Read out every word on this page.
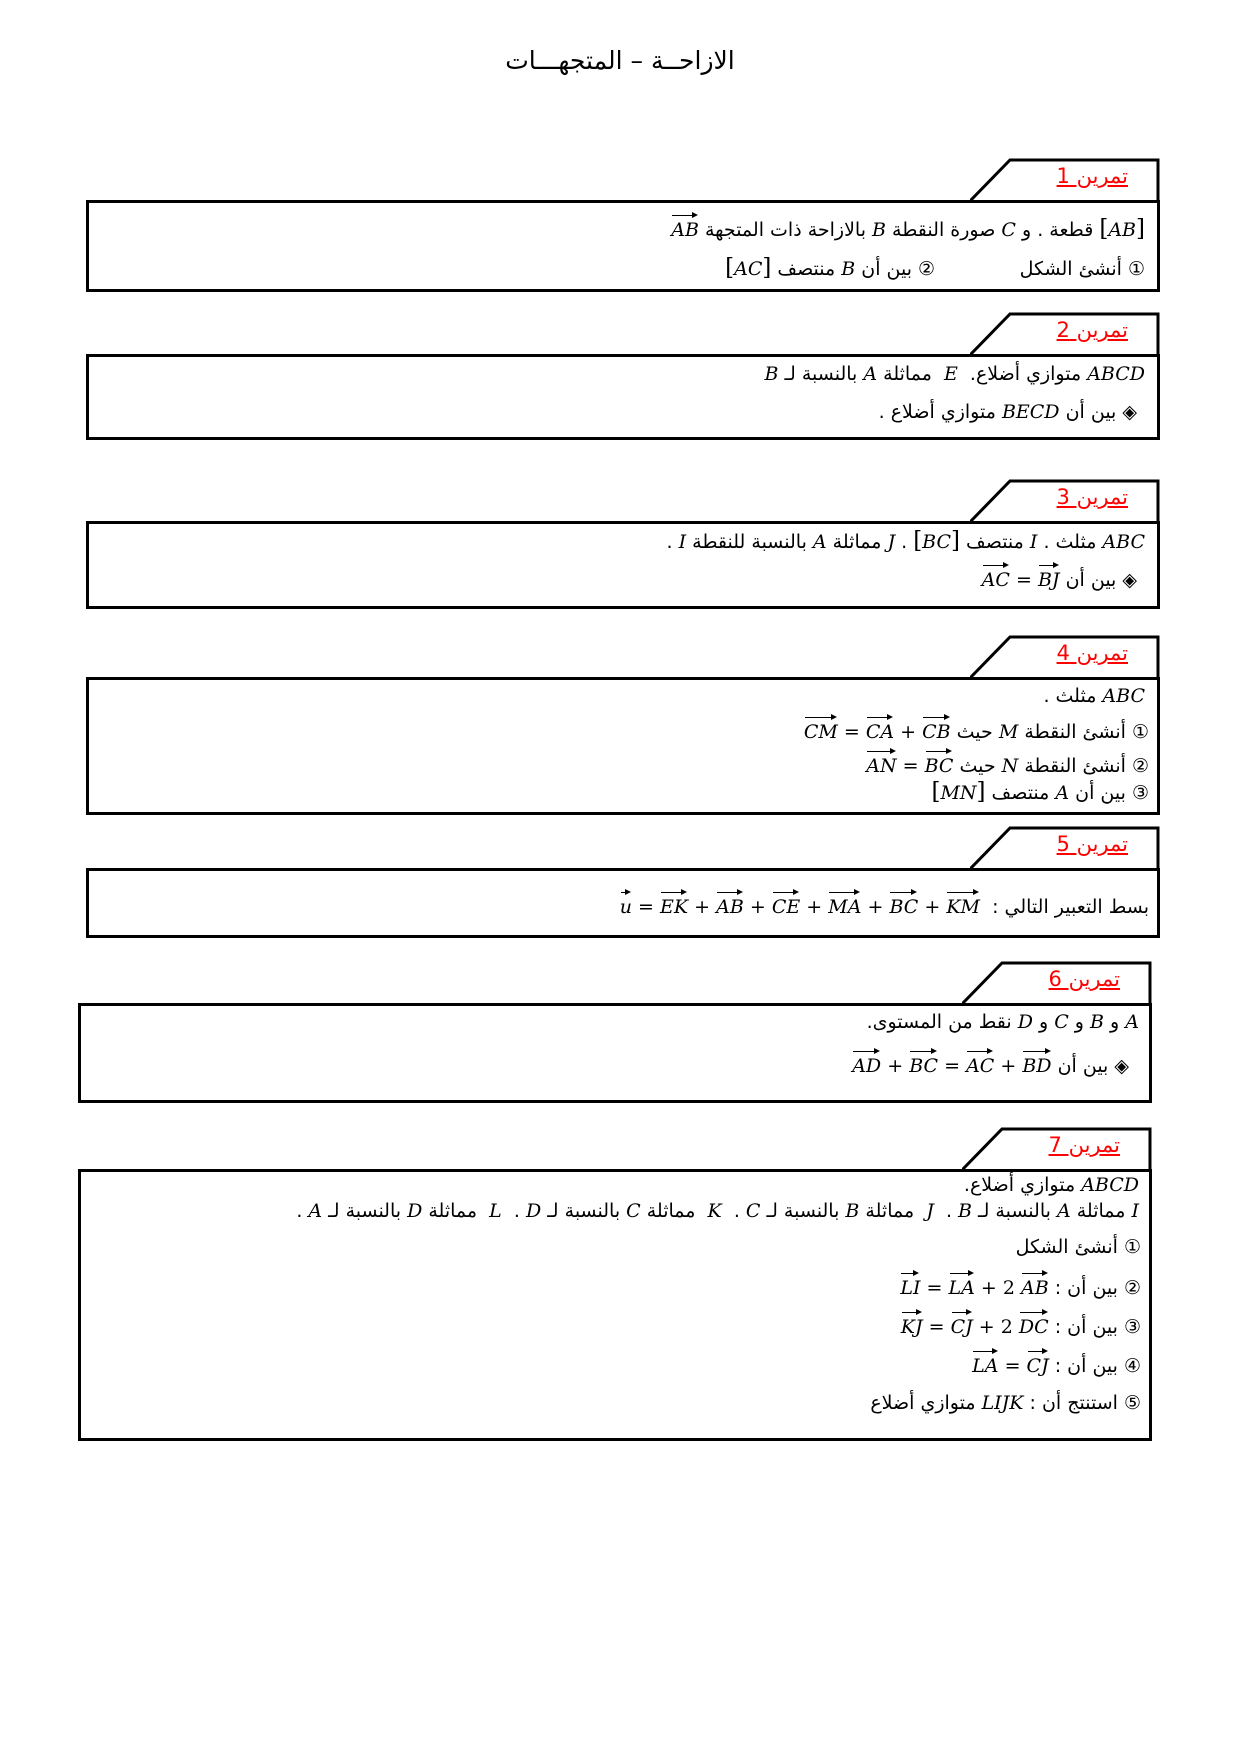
الازاحــة – المتجهـــات
تمرين 1
[AB] قطعة . و C صورة النقطة B بالازاحة ذات المتجهة AB
① أنشئ الشكل              ② بين أن B منتصف [AC]
تمرين 2
ABCD متوازي أضلاع.  E  مماثلة A بالنسبة لـ B
◈ بين أن BECD متوازي أضلاع .
تمرين 3
ABC مثلث . I منتصف [BC] . J مماثلة A بالنسبة للنقطة I .
◈ بين أن AC = BJ
تمرين 4
ABC مثلث .
① أنشئ النقطة M حيث CM = CA + CB
② أنشئ النقطة N حيث AN = BC
③ بين أن A منتصف [MN]
تمرين 5
بسط التعبير التالي :  u = EK + AB + CE + MA + BC + KM
تمرين 6
A و B و C و D نقط من المستوى.
◈ بين أن AD + BC = AC + BD
تمرين 7
ABCD متوازي أضلاع.
I مماثلة A بالنسبة لـ B .  J  مماثلة B بالنسبة لـ C .  K  مماثلة C بالنسبة لـ D .  L  مماثلة D بالنسبة لـ A .
① أنشئ الشكل
② بين أن : LI = LA + 2 AB
③ بين أن : KJ = CJ + 2 DC
④ بين أن : LA = CJ
⑤ استنتج أن : LIJK متوازي أضلاع
